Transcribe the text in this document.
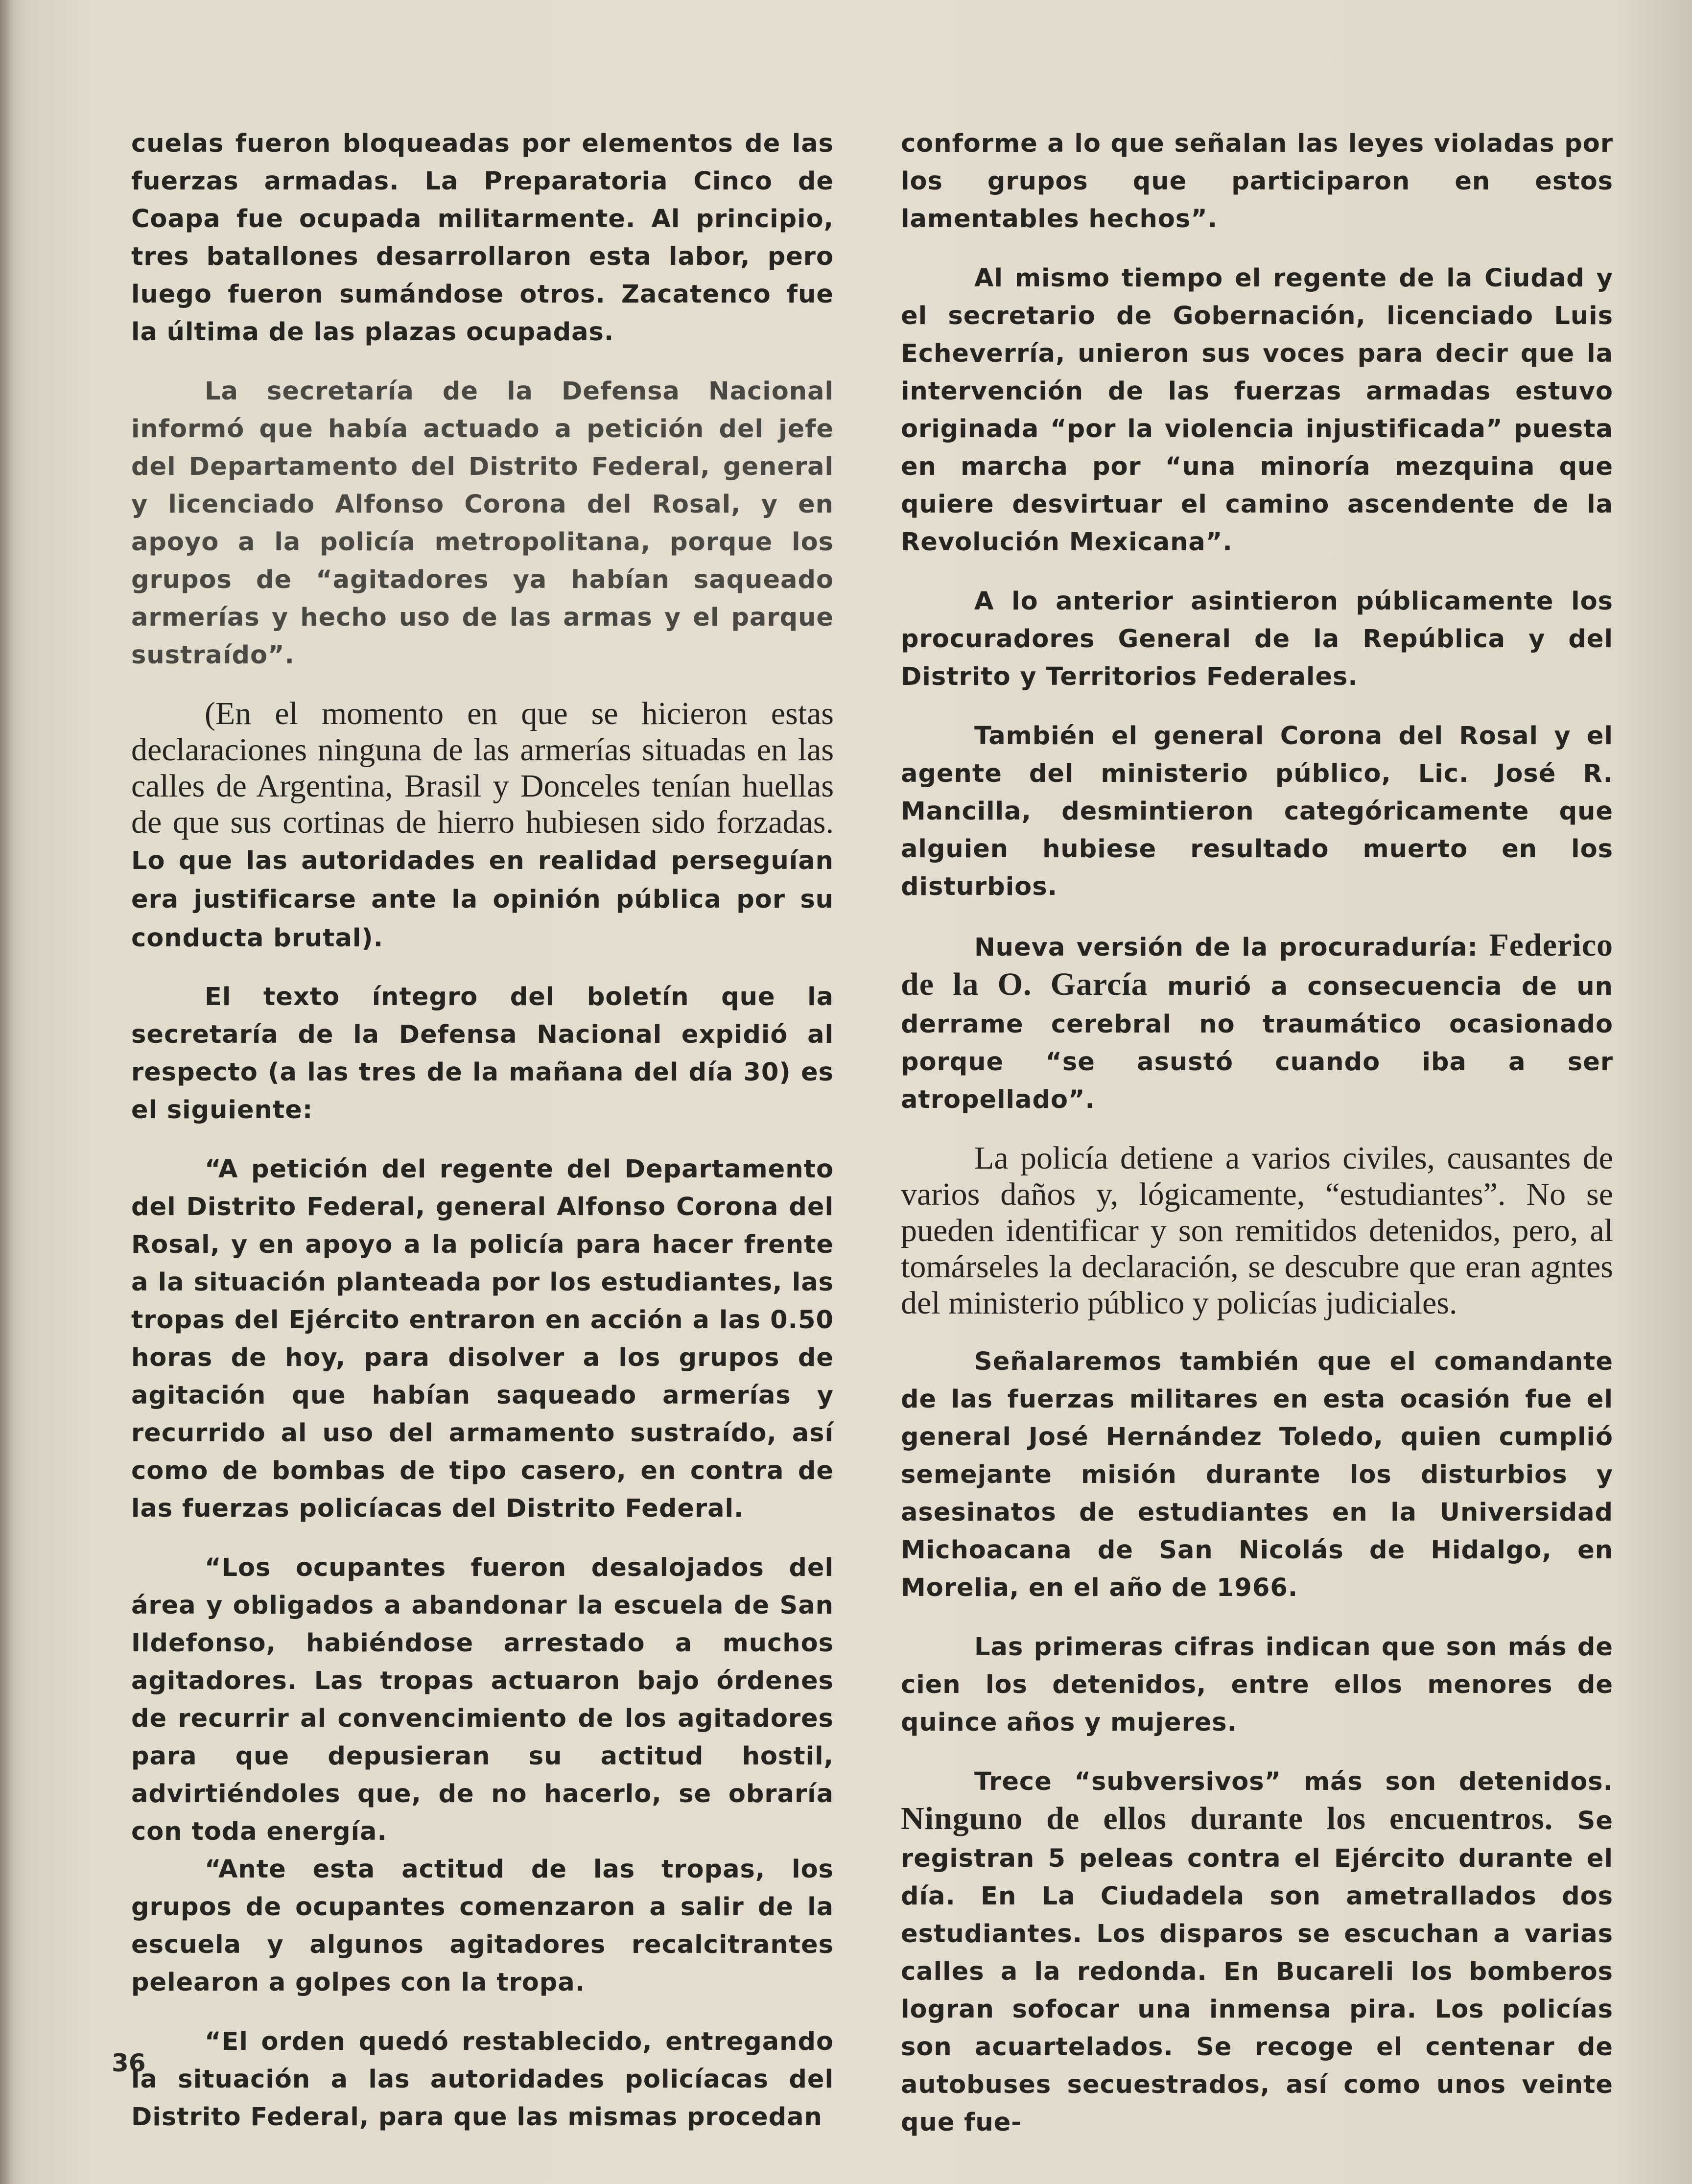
cuelas fueron bloqueadas por elementos de las fuerzas armadas. La Preparatoria Cinco de Coapa fue ocupada militarmente. Al principio, tres batallones desarrollaron esta labor, pero luego fueron sumándose otros. Zacatenco fue la última de las plazas ocupadas.

La secretaría de la Defensa Nacional informó que había actuado a petición del jefe del Departamento del Distrito Federal, general y licenciado Alfonso Corona del Rosal, y en apoyo a la policía metropolitana, porque los grupos de “agitadores ya habían saqueado armerías y hecho uso de las armas y el parque sustraído”.

(En el momento en que se hicieron estas declaraciones ninguna de las armerías situadas en las calles de Argentina, Brasil y Donceles tenían huellas de que sus cortinas de hierro hubiesen sido forzadas. Lo que las autoridades en realidad perseguían era justificarse ante la opinión pública por su conducta brutal).

El texto íntegro del boletín que la secretaría de la Defensa Nacional expidió al respecto (a las tres de la mañana del día 30) es el siguiente:

“A petición del regente del Departamento del Distrito Federal, general Alfonso Corona del Rosal, y en apoyo a la policía para hacer frente a la situación planteada por los estudiantes, las tropas del Ejército entraron en acción a las 0.50 horas de hoy, para disolver a los grupos de agitación que habían saqueado armerías y recurrido al uso del armamento sustraído, así como de bombas de tipo casero, en contra de las fuerzas policíacas del Distrito Federal.

“Los ocupantes fueron desalojados del área y obligados a abandonar la escuela de San Ildefonso, habiéndose arrestado a muchos agitadores. Las tropas actuaron bajo órdenes de recurrir al convencimiento de los agitadores para que depusieran su actitud hostil, advirtiéndoles que, de no hacerlo, se obraría con toda energía.

“Ante esta actitud de las tropas, los grupos de ocupantes comenzaron a salir de la escuela y algunos agitadores recalcitrantes pelearon a golpes con la tropa.

“El orden quedó restablecido, entregando la situación a las autoridades policíacas del Distrito Federal, para que las mismas procedan

conforme a lo que señalan las leyes violadas por los grupos que participaron en estos lamentables hechos”.

Al mismo tiempo el regente de la Ciudad y el secretario de Gobernación, licenciado Luis Echeverría, unieron sus voces para decir que la intervención de las fuerzas armadas estuvo originada “por la violencia injustificada” puesta en marcha por “una minoría mezquina que quiere desvirtuar el camino ascendente de la Revolución Mexicana”.

A lo anterior asintieron públicamente los procuradores General de la República y del Distrito y Territorios Federales.

También el general Corona del Rosal y el agente del ministerio público, Lic. José R. Mancilla, desmintieron categóricamente que alguien hubiese resultado muerto en los disturbios.

Nueva versión de la procuraduría: Federico de la O. García murió a consecuencia de un derrame cerebral no traumático ocasionado porque “se asustó cuando iba a ser atropellado”.

La policía detiene a varios civiles, causantes de varios daños y, lógicamente, “estudiantes”. No se pueden identificar y son remitidos detenidos, pero, al tomárseles la declaración, se descubre que eran agntes del ministerio público y policías judiciales.

Señalaremos también que el comandante de las fuerzas militares en esta ocasión fue el general José Hernández Toledo, quien cumplió semejante misión durante los disturbios y asesinatos de estudiantes en la Universidad Michoacana de San Nicolás de Hidalgo, en Morelia, en el año de 1966.

Las primeras cifras indican que son más de cien los detenidos, entre ellos menores de quince años y mujeres.

Trece “subversivos” más son detenidos. Ninguno de ellos durante los encuentros. Se registran 5 peleas contra el Ejército durante el día. En La Ciudadela son ametrallados dos estudiantes. Los disparos se escuchan a varias calles a la redonda. En Bucareli los bomberos logran sofocar una inmensa pira. Los policías son acuartelados. Se recoge el centenar de autobuses secuestrados, así como unos veinte que fue-

36
